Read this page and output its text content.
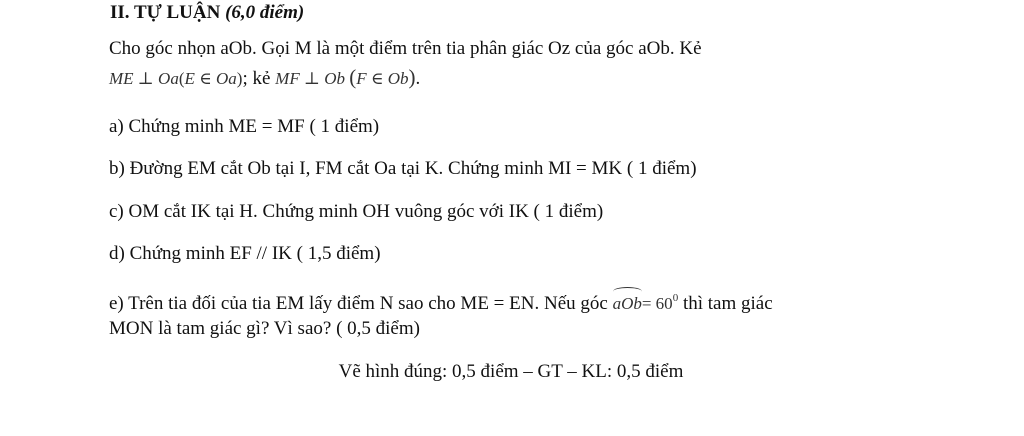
II. TỰ LUẬN (6,0 điểm)
Cho góc nhọn aOb. Gọi M là một điểm trên tia phân giác Oz của góc aOb. Kẻ
ME ⊥ Oa(E ∈ Oa); kẻ MF ⊥ Ob (F ∈ Ob).
a) Chứng minh ME = MF ( 1 điểm)
b) Đường EM cắt Ob tại I, FM cắt Oa tại K. Chứng minh MI = MK ( 1 điểm)
c) OM cắt IK tại H. Chứng minh OH vuông góc với IK ( 1 điểm)
d) Chứng minh EF // IK ( 1,5 điểm)
e) Trên tia đối của tia EM lấy điểm N sao cho ME = EN. Nếu góc $aOb= 60^0$ thì tam giác
MON là tam giác gì? Vì sao? ( 0,5 điểm)
Vẽ hình đúng: 0,5 điểm – GT – KL: 0,5 điểm
